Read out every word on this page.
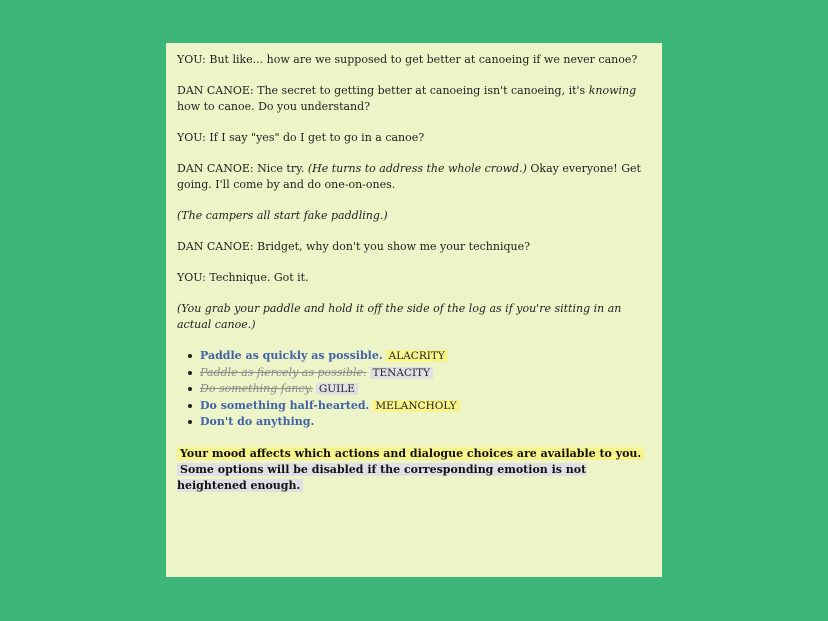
YOU: But like... how are we supposed to get better at canoeing if we never canoe?

DAN CANOE: The secret to getting better at canoeing isn't canoeing, it's knowing how to canoe. Do you understand?

YOU: If I say "yes" do I get to go in a canoe?

DAN CANOE: Nice try. (He turns to address the whole crowd.) Okay everyone! Get going. I'll come by and do one-on-ones.

(The campers all start fake paddling.)

DAN CANOE: Bridget, why don't you show me your technique?

YOU: Technique. Got it.

(You grab your paddle and hold it off the side of the log as if you're sitting in an actual canoe.)

Paddle as quickly as possible. ALACRITY
Paddle as fiercely as possible. TENACITY
Do something fancy. GUILE
Do something half-hearted. MELANCHOLY
Don't do anything.
Your mood affects which actions and dialogue choices are available to you.
Some options will be disabled if the corresponding emotion is not heightened enough.
